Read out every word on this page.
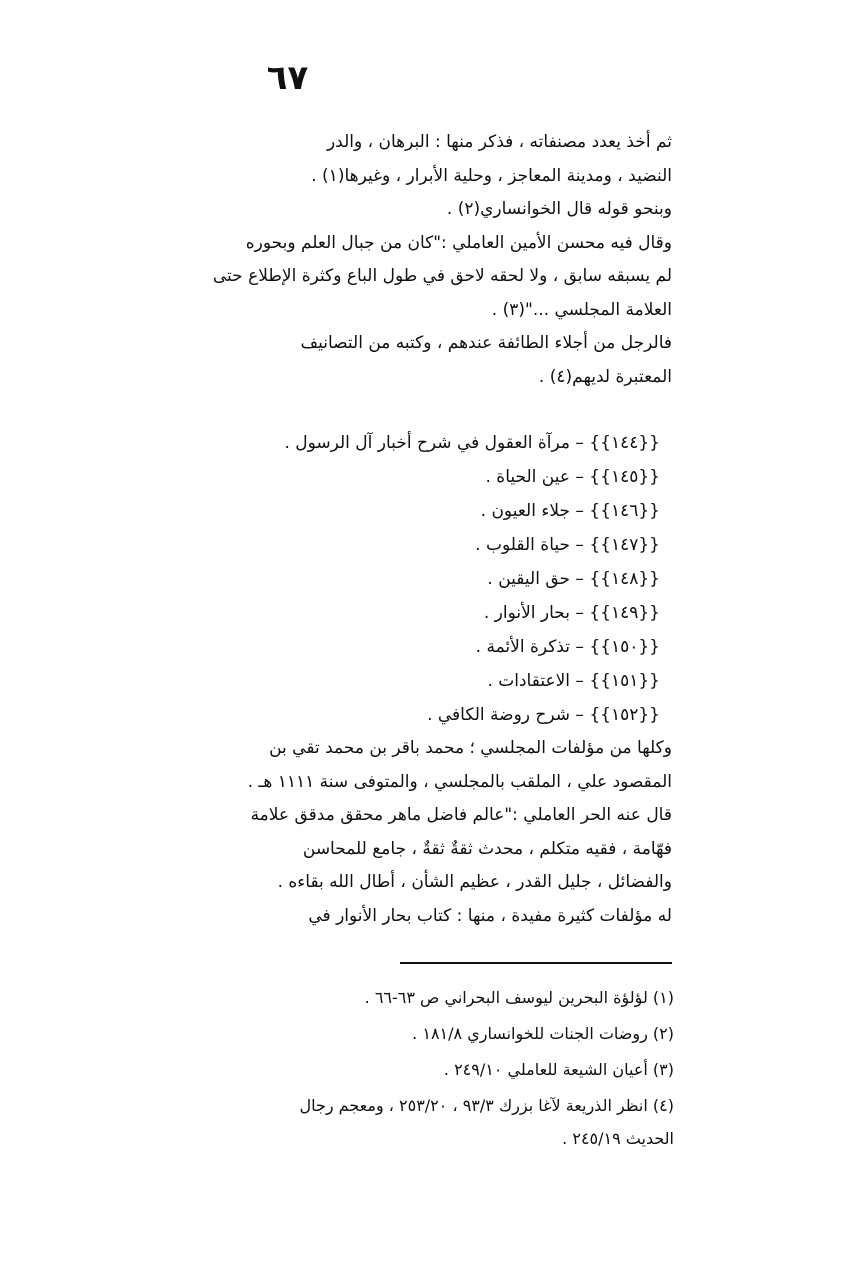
٦٧
ثم أخذ يعدد مصنفاته ، فذكر منها : البرهان ، والدر
النضيد ، ومدينة المعاجز ، وحلية الأبرار ، وغيرها(١) .
وبنحو قوله قال الخوانساري(٢) .
وقال فيه محسن الأمين العاملي :"كان من جبال العلم وبحوره
لم يسبقه سابق ، ولا لحقه لاحق في طول الباع وكثرة الإطلاع حتى
العلامة المجلسي ..."(٣) .
فالرجل من أجلاء الطائفة عندهم ، وكتبه من التصانيف
المعتبرة لديهم(٤) .
{{١٤٤}} – مرآة العقول في شرح أخبار آل الرسول .
{{١٤٥}} – عين الحياة .
{{١٤٦}} – جلاء العيون .
{{١٤٧}} – حياة القلوب .
{{١٤٨}} – حق اليقين .
{{١٤٩}} – بحار الأنوار .
{{١٥٠}} – تذكرة الأئمة .
{{١٥١}} – الاعتقادات .
{{١٥٢}} – شرح روضة الكافي .
وكلها من مؤلفات المجلسي ؛ محمد باقر بن محمد تقي بن
المقصود علي ، الملقب بالمجلسي ، والمتوفى سنة ١١١١ هـ .
قال عنه الحر العاملي :"عالم فاضل ماهر محقق مدقق علامة
فهّامة ، فقيه متكلم ، محدث ثقةٌ ثقةٌ ، جامع للمحاسن
والفضائل ، جليل القدر ، عظيم الشأن ، أطال الله بقاءه .
له مؤلفات كثيرة مفيدة ، منها : كتاب بحار الأنوار في
(١) لؤلؤة البحرين ليوسف البحراني ص ٦٣-٦٦ .
(٢) روضات الجنات للخوانساري ١٨١/٨ .
(٣) أعيان الشيعة للعاملي ٢٤٩/١٠ .
(٤) انظر الذريعة لآغا بزرك ٩٣/٣ ، ٢٥٣/٢٠ ، ومعجم رجال
الحديث ٢٤٥/١٩ .
